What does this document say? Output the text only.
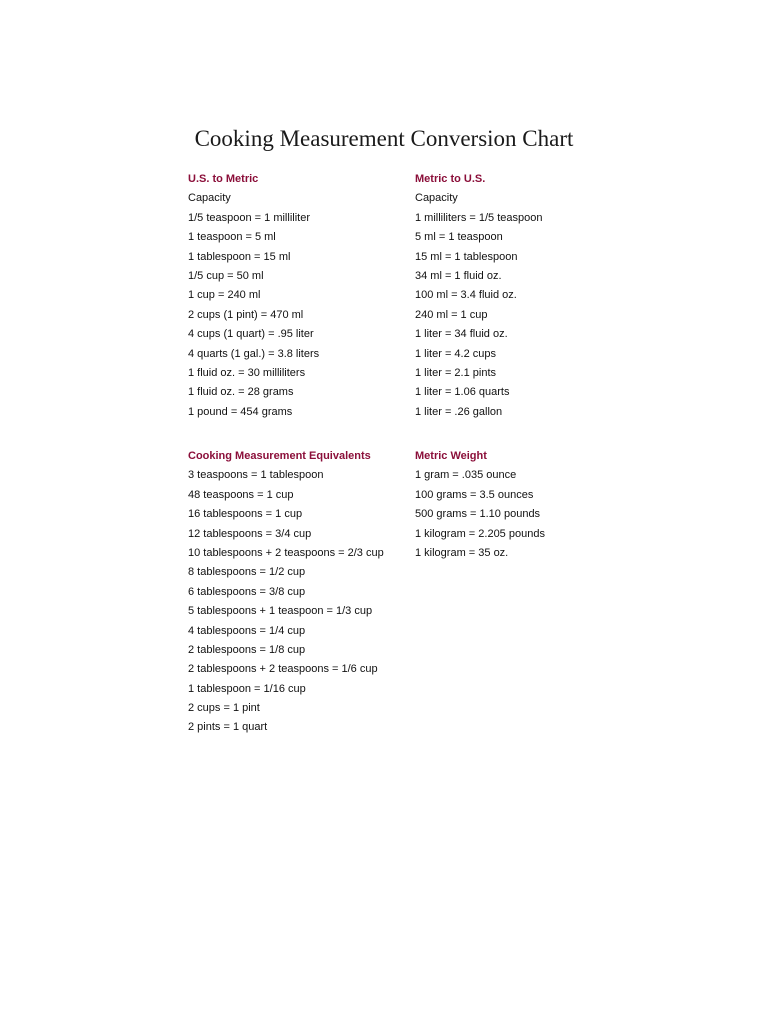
Cooking Measurement Conversion Chart
U.S. to Metric
Capacity
1/5 teaspoon = 1 milliliter
1 teaspoon = 5 ml
1 tablespoon = 15 ml
1/5 cup = 50 ml
1 cup = 240 ml
2 cups (1 pint) = 470 ml
4 cups (1 quart) = .95 liter
4 quarts (1 gal.) = 3.8 liters
1 fluid oz. = 30 milliliters
1 fluid oz. = 28 grams
1 pound = 454 grams
Metric to U.S.
Capacity
1 milliliters = 1/5 teaspoon
5 ml = 1 teaspoon
15 ml = 1 tablespoon
34 ml = 1 fluid oz.
100 ml = 3.4 fluid oz.
240 ml = 1 cup
1 liter = 34 fluid oz.
1 liter = 4.2 cups
1 liter = 2.1 pints
1 liter = 1.06 quarts
1 liter = .26 gallon
Cooking Measurement Equivalents
3 teaspoons = 1 tablespoon
48 teaspoons = 1 cup
16 tablespoons = 1 cup
12 tablespoons = 3/4 cup
10 tablespoons + 2 teaspoons = 2/3 cup
8 tablespoons = 1/2 cup
6 tablespoons = 3/8 cup
5 tablespoons + 1 teaspoon = 1/3 cup
4 tablespoons = 1/4 cup
2 tablespoons = 1/8 cup
2 tablespoons + 2 teaspoons = 1/6 cup
1 tablespoon = 1/16 cup
2 cups = 1 pint
2 pints = 1 quart
Metric Weight
1 gram = .035 ounce
100 grams = 3.5 ounces
500 grams = 1.10 pounds
1 kilogram = 2.205 pounds
1 kilogram = 35 oz.
